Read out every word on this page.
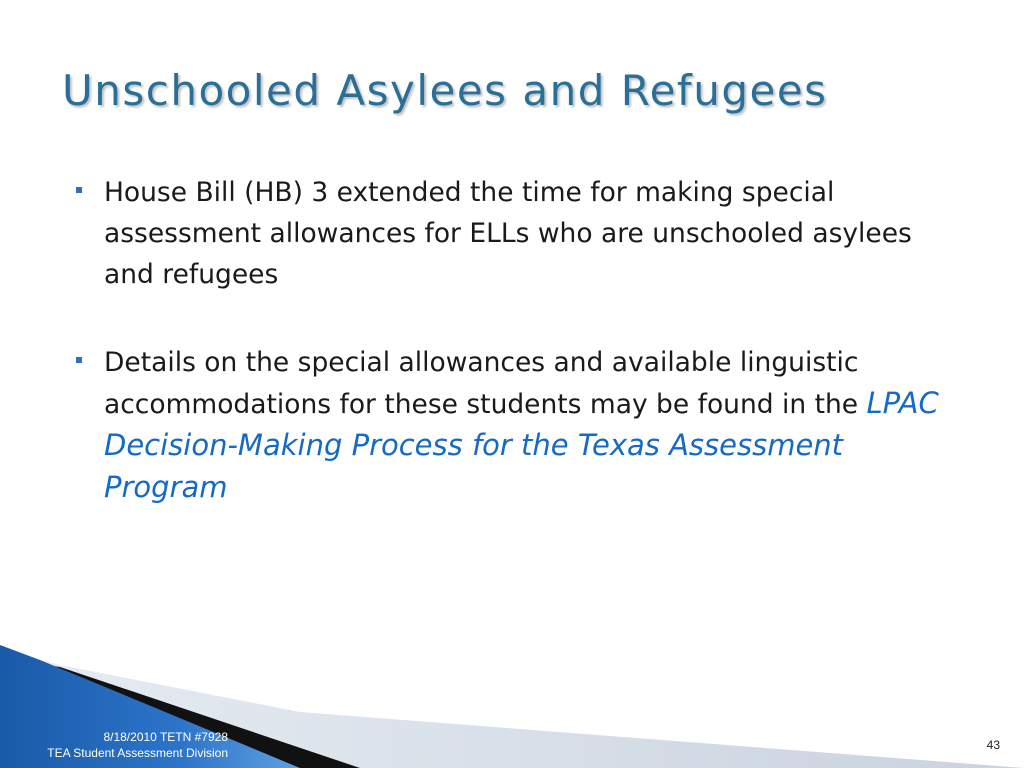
Unschooled Asylees and Refugees
House Bill (HB) 3 extended the time for making special assessment allowances for ELLs who are unschooled asylees and refugees
Details on the special allowances and available linguistic accommodations for these students may be found in the LPAC Decision-Making Process for the Texas Assessment Program
8/18/2010 TETN #7928
TEA Student Assessment Division
43
